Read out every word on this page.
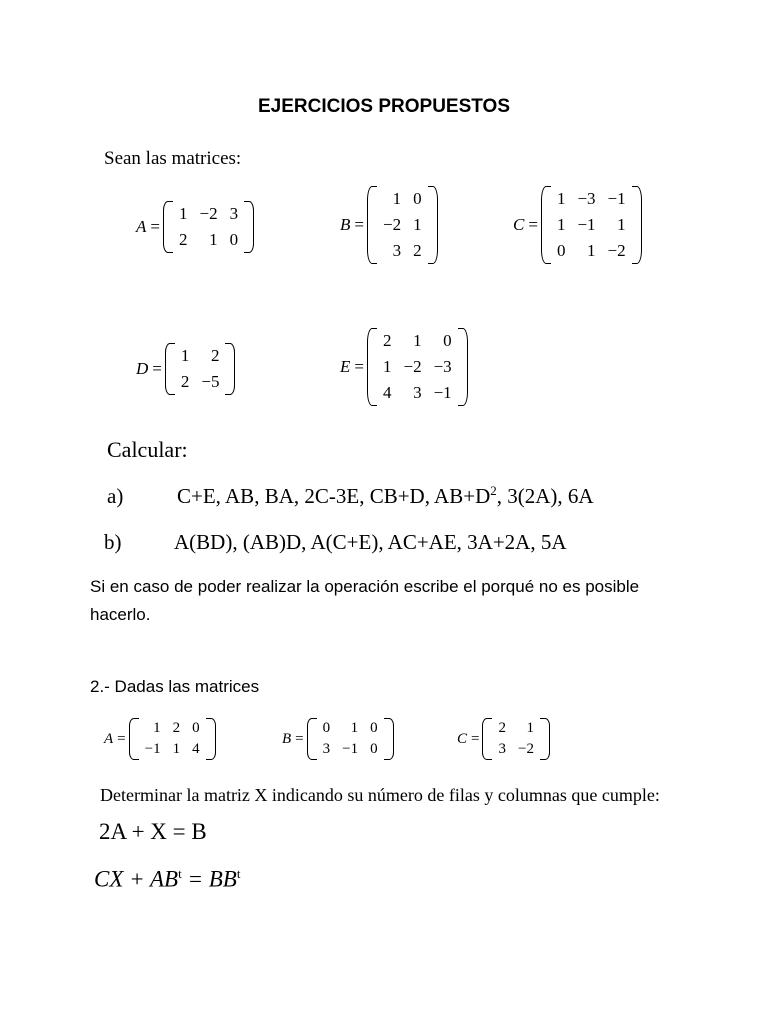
EJERCICIOS PROPUESTOS
Sean las matrices:
A =
1	−2	3
2	1	0
B =
1	0
−2	1
3	2
C =
1	−3	−1
1	−1	1
0	1	−2
D =
1	2
2	−5
E =
2	1	0
1	−2	−3
4	3	−1
Calcular:
a)	C+E, AB, BA, 2C-3E, CB+D, $AB+D^2$, 3(2A), 6A
b)	A(BD), (AB)D, A(C+E), AC+AE, 3A+2A, 5A
Si en caso de poder realizar la operación escribe el porqué no es posible hacerlo.
2.- Dadas las matrices
A =
1	2	0
−1	1	4
B =
0	1	0
3	−1	0
C =
2	1
3	−2
Determinar la matriz X indicando su número de filas y columnas que cumple:
2A + X = B
CX + $AB^t = BB^t$
